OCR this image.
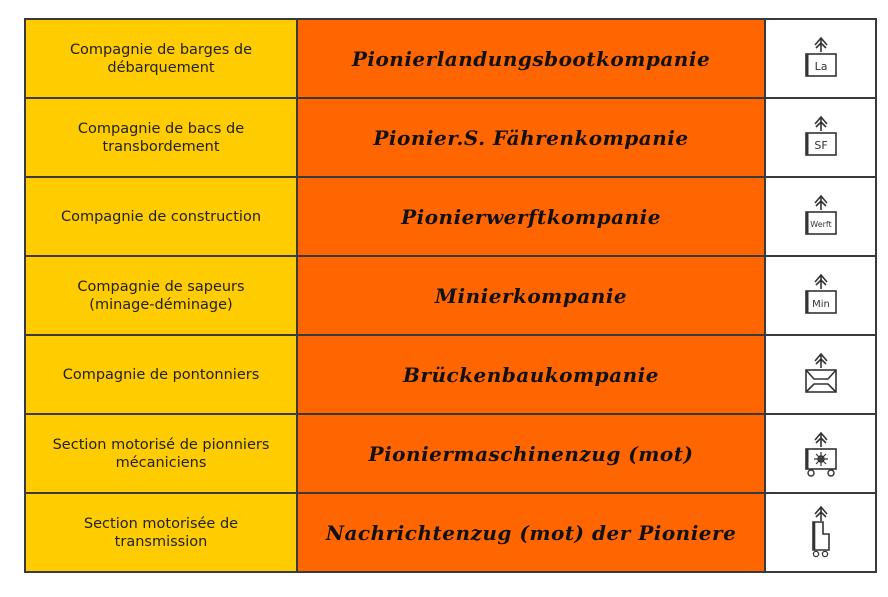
Compagnie de barges de
débarquement	Pionierlandungsbootkompanie	La

Compagnie de bacs de
transbordement	Pionier.S. Fährenkompanie	SF

Compagnie de construction	Pionierwerftkompanie	Werft

Compagnie de sapeurs
(minage-déminage)	Minierkompanie	Min

Compagnie de pontonniers	Brückenbaukompanie	

Section motorisé de pionniers
mécaniciens	Pioniermaschinenzug (mot)	

Section motorisée de
transmission	Nachrichtenzug (mot) der Pioniere	
